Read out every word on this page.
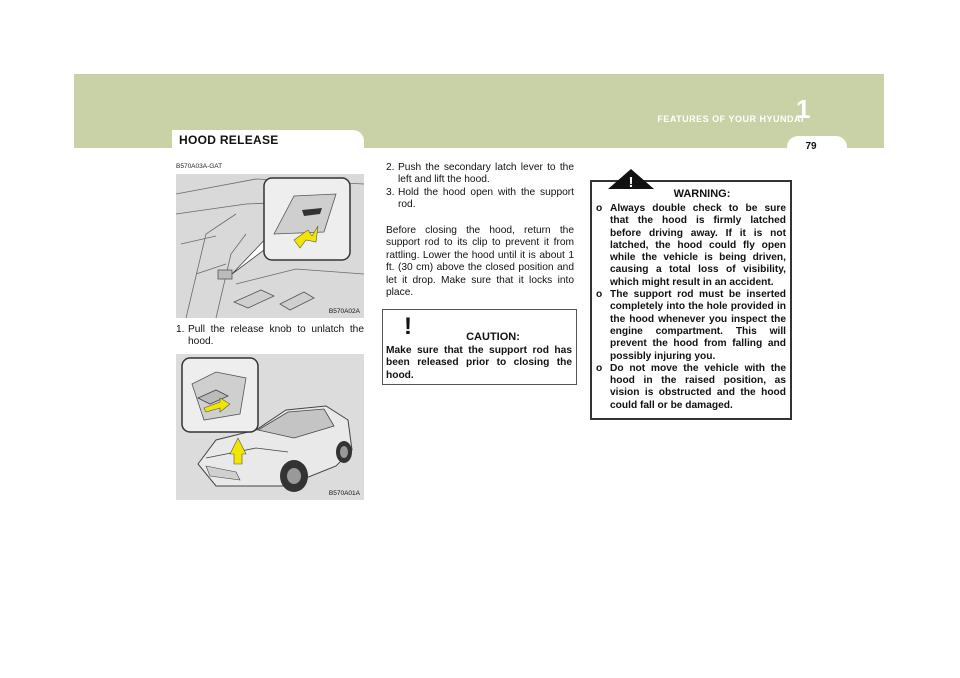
1
FEATURES OF YOUR HYUNDAI
79
HOOD RELEASE
B570A03A-GAT
B570A02A
1. Pull the release knob to unlatch the hood.
B570A01A
2. Push the secondary latch lever to the left and lift the hood.
3. Hold the hood open with the support rod.
Before closing the hood, return the support rod to its clip to prevent it from rattling. Lower the hood until it is about 1 ft. (30 cm) above the closed position and let it drop. Make sure that it locks into place.
!	CAUTION:
Make sure that the support rod has been released prior to closing the hood.
!
WARNING:
o Always double check to be sure that the hood is firmly latched before driving away. If it is not latched, the hood could fly open while the vehicle is being driven, causing a total loss of visibility, which might result in an accident.
o The support rod must be inserted completely into the hole provided in the hood whenever you inspect the engine compartment. This will prevent the hood from falling and possibly injuring you.
o Do not move the vehicle with the hood in the raised position, as vision is obstructed and the hood could fall or be damaged.
